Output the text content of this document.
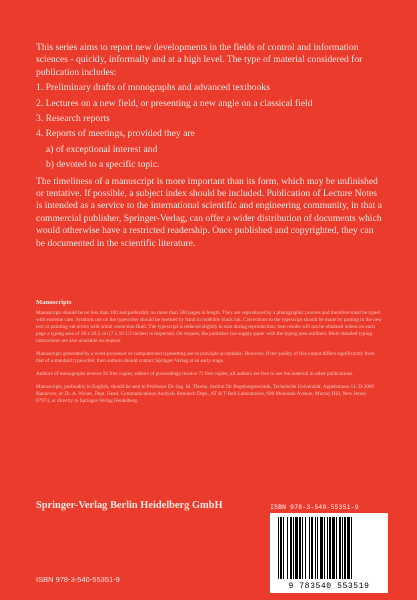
This series aims to report new developments in the fields of control and information sciences - quickly, informally and at a high level. The type of material considered for publication includes:

1. Preliminary drafts of monographs and advanced textbooks
2. Lectures on a new field, or presenting a new angle on a classical field
3. Research reports
4. Reports of meetings, provided they are
a) of exceptional interest and
b) devoted to a specific topic.

The timeliness of a manuscript is more important than its form, which may be unfinished or tentative. If possible, a subject index should be included. Publication of Lecture Notes is intended as a service to the international scientific and engineering community, in that a commercial publisher, Springer-Verlag, can offer a wider distribution of documents which would otherwise have a restricted readership. Once published and copyrighted, they can be documented in the scientific literature.

Manuscripts

Manuscripts should be no less than 100 and preferably no more than 500 pages in length. They are reproduced by a photographic process and therefore must be typed with extreme care. Symbols not on the typewriter should be inserted by hand in indelible black ink. Corrections to the typescript should be made by pasting in the new text or painting out errors with white correction fluid. The typescript is reduced slightly in size during reproduction; best results will not be obtained unless on each page a typing area of 18 x 26.5 cm (7 x 10 1/2 inches) is respected. On request, the publisher can supply paper with the typing area outlined. More detailed typing instructions are also available on request.

Manuscripts generated by a word-processor or computerized typesetting are in principle acceptable. However, if the quality of this output differs significantly from that of a standard typewriter, then authors should contact Springer-Verlag at an early stage.

Authors of monographs receive 50 free copies; editors of proceedings receive 75 free copies; all authors are free to use the material in other publications.

Manuscripts, preferably in English, should be sent to Professor Dr.-Ing. M. Thoma, Institut für Regelungstechnik, Technische Universität, Appelstrasse 11, D-3000 Hannover, or Dr. A. Wyner, Dept. Head, Communications Analysis Research Dept., AT & T Bell Laboratories, 600 Mountain Avenue, Murray Hill, New Jersey 07974, or directly to Springer-Verlag Heidelberg.

Springer-Verlag Berlin Heidelberg GmbH	ISBN 978-3-540-55351-9
9 783540 553519
ISBN 978-3-540-55351-9
